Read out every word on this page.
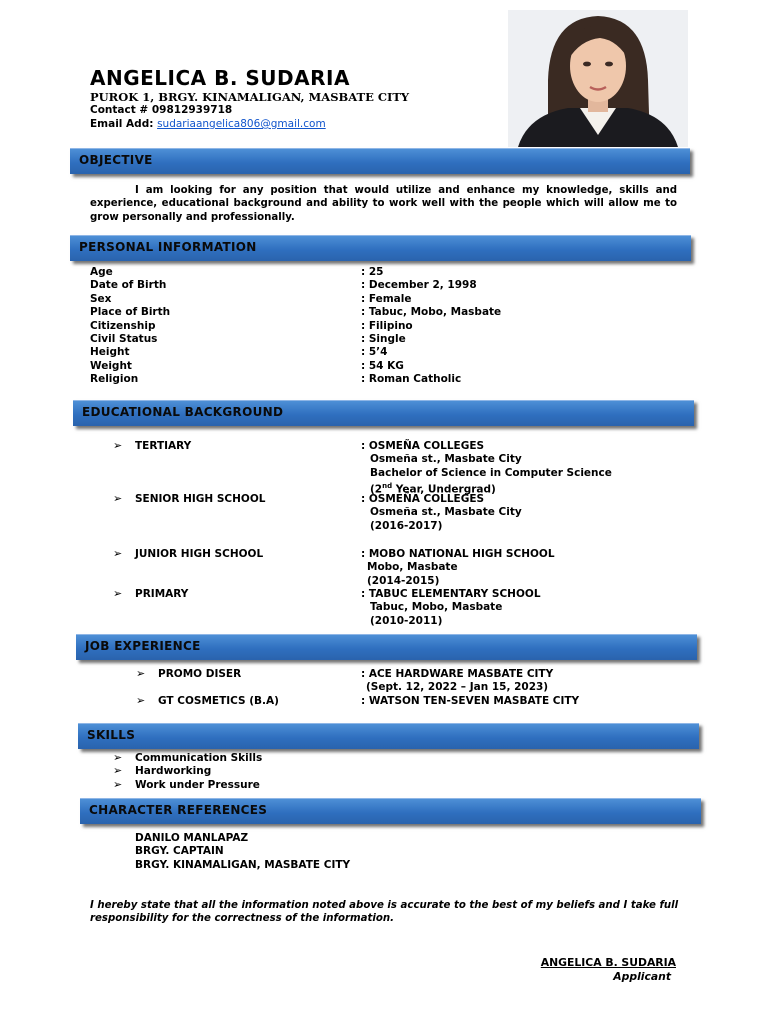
ANGELICA B. SUDARIA
PUROK 1, BRGY. KINAMALIGAN, MASBATE CITY
Contact # 09812939718
Email Add: sudariaangelica806@gmail.com
OBJECTIVE
I am looking for any position that would utilize and enhance my knowledge, skills and experience, educational background and ability to work well with the people which will allow me to grow personally and professionally.
PERSONAL INFORMATION
Age	: 25
Date of Birth	: December 2, 1998
Sex	: Female
Place of Birth	: Tabuc, Mobo, Masbate
Citizenship	: Filipino
Civil Status	: Single
Height	: 5’4
Weight	: 54 KG
Religion	: Roman Catholic
EDUCATIONAL BACKGROUND
➢ TERTIARY	: OSMEÑA COLLEGES
Osmeña st., Masbate City
Bachelor of Science in Computer Science
(2nd Year, Undergrad)
➢ SENIOR HIGH SCHOOL	: OSMEÑA COLLEGES
Osmeña st., Masbate City
(2016-2017)
➢ JUNIOR HIGH SCHOOL	: MOBO NATIONAL HIGH SCHOOL
Mobo, Masbate
(2014-2015)
➢ PRIMARY	: TABUC ELEMENTARY SCHOOL
Tabuc, Mobo, Masbate
(2010-2011)
JOB EXPERIENCE
➢ PROMO DISER	: ACE HARDWARE MASBATE CITY
(Sept. 12, 2022 – Jan 15, 2023)
➢ GT COSMETICS (B.A)	: WATSON TEN-SEVEN MASBATE CITY
SKILLS
➢ Communication Skills
➢ Hardworking
➢ Work under Pressure
CHARACTER REFERENCES
DANILO MANLAPAZ
BRGY. CAPTAIN
BRGY. KINAMALIGAN, MASBATE CITY
I hereby state that all the information noted above is accurate to the best of my beliefs and I take full responsibility for the correctness of the information.
ANGELICA B. SUDARIA
Applicant
